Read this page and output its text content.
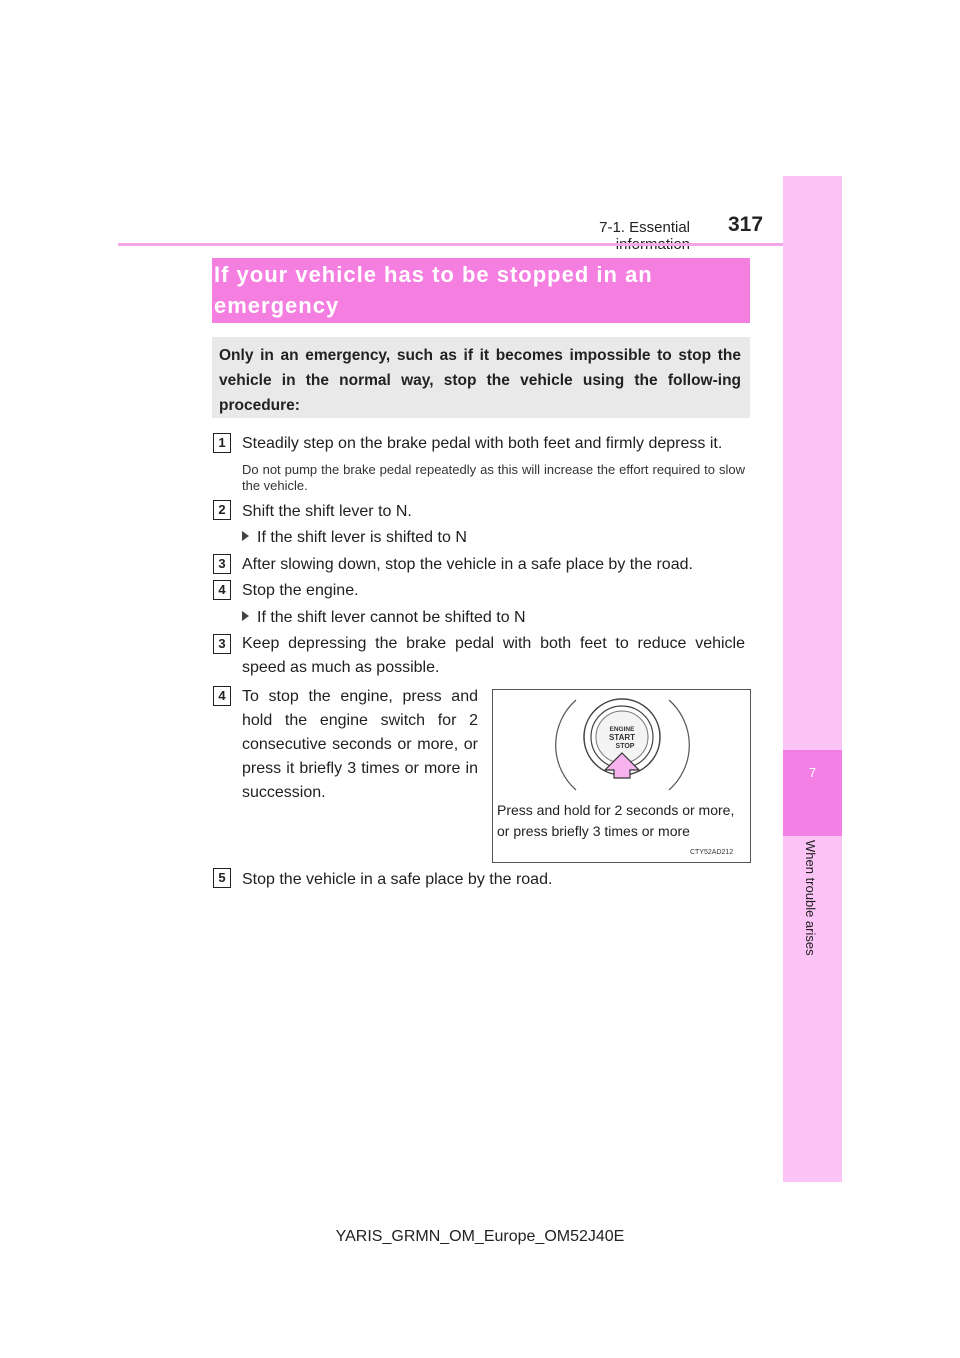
7-1. Essential 317
7
When trouble arises
If your vehicle has to be stopped in an emergency
Only in an emergency, such as if it becomes impossible to stop the vehicle in the normal way, stop the vehicle using the follow-ing procedure:
1	Steadily step on the brake pedal with both feet and firmly depress it.
Do not pump the brake pedal repeatedly as this will increase the effort required to slow the vehicle.
2	Shift the shift lever to N.
If the shift lever is shifted to N
3	After slowing down, stop the vehicle in a safe place by the road.
4	Stop the engine.
If the shift lever cannot be shifted to N
3	Keep depressing the brake pedal with both feet to reduce vehicle speed as much as possible.
4	To stop the engine, press and hold the engine switch for 2 consecutive seconds or more, or press it briefly 3 times or more in succession.
ENGINE
START
STOP
Press and hold for 2 seconds or more, or press briefly 3 times or more
CTY52AD212
5	Stop the vehicle in a safe place by the road.
YARIS_GRMN_OM_Europe_OM52J40E
